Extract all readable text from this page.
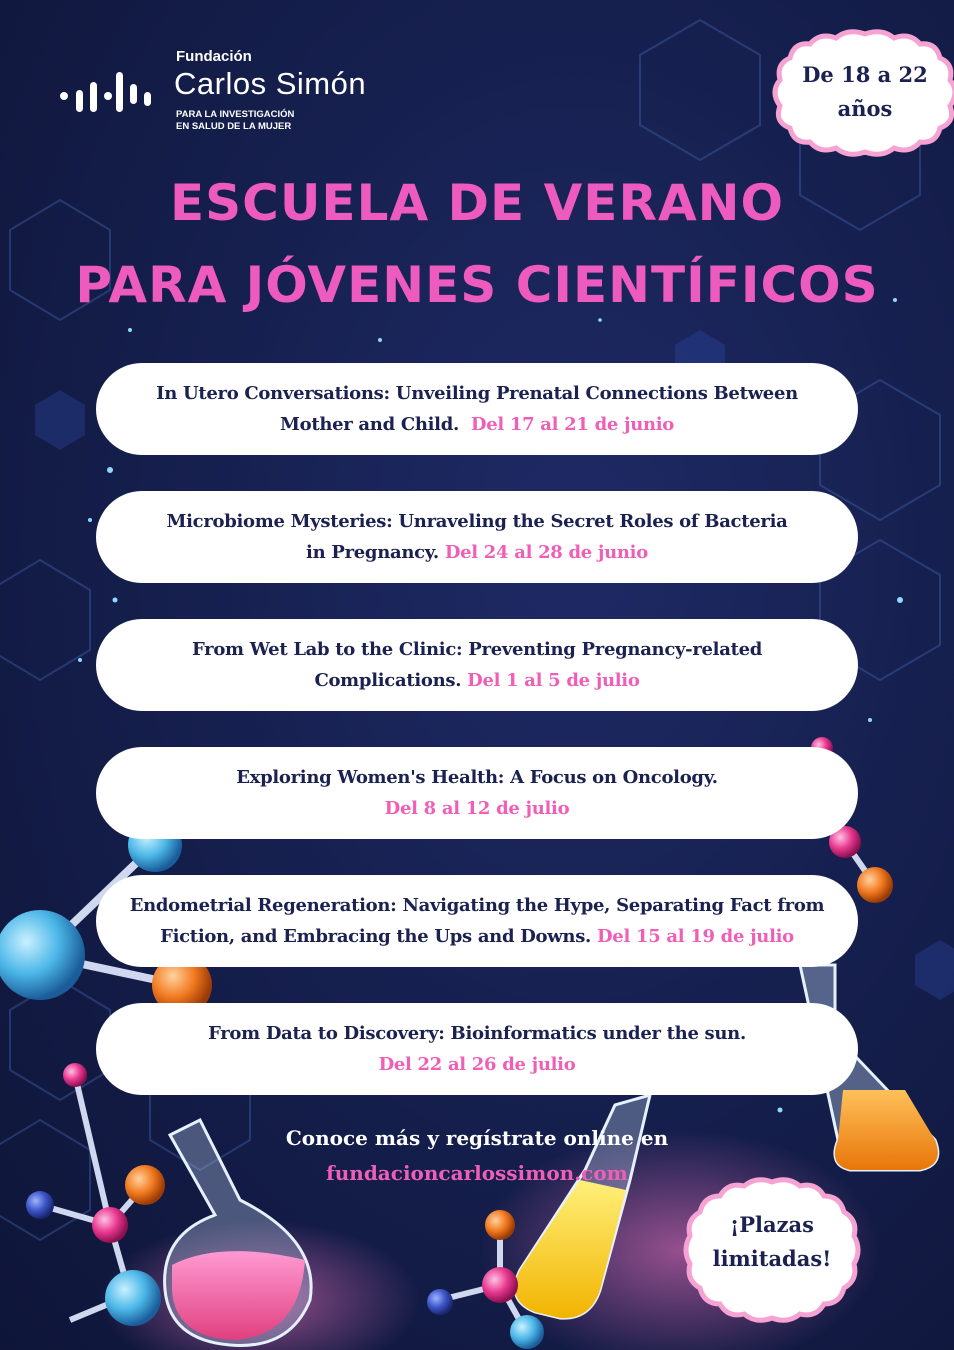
Fundación
Carlos Simón
PARA LA INVESTIGACIÓN
EN SALUD DE LA MUJER
De 18 a 22
años
ESCUELA DE VERANO
PARA JÓVENES CIENTÍFICOS

In Utero Conversations: Unveiling Prenatal Connections Between Mother and Child. Del 17 al 21 de junio

Microbiome Mysteries: Unraveling the Secret Roles of Bacteria in Pregnancy. Del 24 al 28 de junio

From Wet Lab to the Clinic: Preventing Pregnancy-related Complications. Del 1 al 5 de julio

Exploring Women's Health: A Focus on Oncology.
Del 8 al 12 de julio

Endometrial Regeneration: Navigating the Hype, Separating Fact from Fiction, and Embracing the Ups and Downs. Del 15 al 19 de julio

From Data to Discovery: Bioinformatics under the sun.
Del 22 al 26 de julio

Conoce más y regístrate online en
fundacioncarlossimon.com
¡Plazas
limitadas!
